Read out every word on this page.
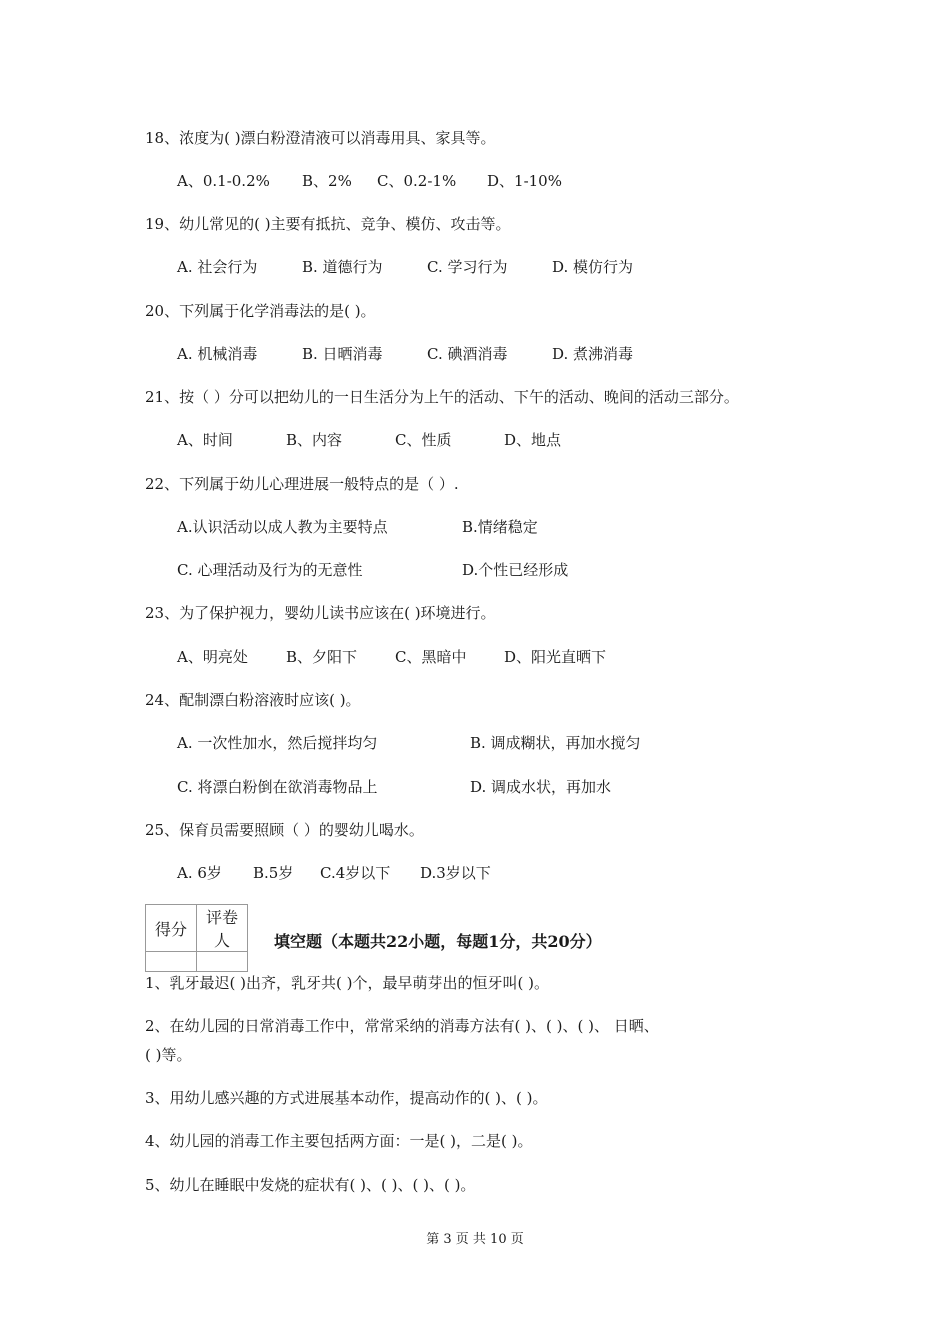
18、浓度为( )漂白粉澄清液可以消毒用具、家具等。
A、0.1-0.2% B、2% C、0.2-1% D、1-10%
19、幼儿常见的( )主要有抵抗、竞争、模仿、攻击等。
A. 社会行为	B. 道德行为	C. 学习行为	D. 模仿行为
20、下列属于化学消毒法的是( )。
A. 机械消毒	B. 日晒消毒	C. 碘酒消毒	D. 煮沸消毒
21、按（ ）分可以把幼儿的一日生活分为上午的活动、下午的活动、晚间的活动三部分。
A、时间	B、内容	C、性质	D、地点
22、下列属于幼儿心理进展一般特点的是（ ）.
A.认识活动以成人教为主要特点	B.情绪稳定
C. 心理活动及行为的无意性	D.个性已经形成
23、为了保护视力，婴幼儿读书应该在( )环境进行。
A、明亮处	B、夕阳下	C、黑暗中	D、阳光直晒下
24、配制漂白粉溶液时应该( )。
A. 一次性加水，然后搅拌均匀	B. 调成糊状，再加水搅匀
C. 将漂白粉倒在欲消毒物品上	D. 调成水状，再加水
25、保育员需要照顾（ ）的婴幼儿喝水。
A. 6岁 B.5岁 C.4岁以下 D.3岁以下
得分	评卷人
		填空题（本题共22小题，每题1分，共20分）
1、乳牙最迟( )出齐，乳牙共( )个，最早萌芽出的恒牙叫( )。
2、在幼儿园的日常消毒工作中，常常采纳的消毒方法有( )、( )、( )、 日晒、
( )等。
3、用幼儿感兴趣的方式进展基本动作，提高动作的( )、( )。
4、幼儿园的消毒工作主要包括两方面：一是( )，二是( )。
5、幼儿在睡眠中发烧的症状有( )、( )、( )、( )。
第 3 页 共 10 页
